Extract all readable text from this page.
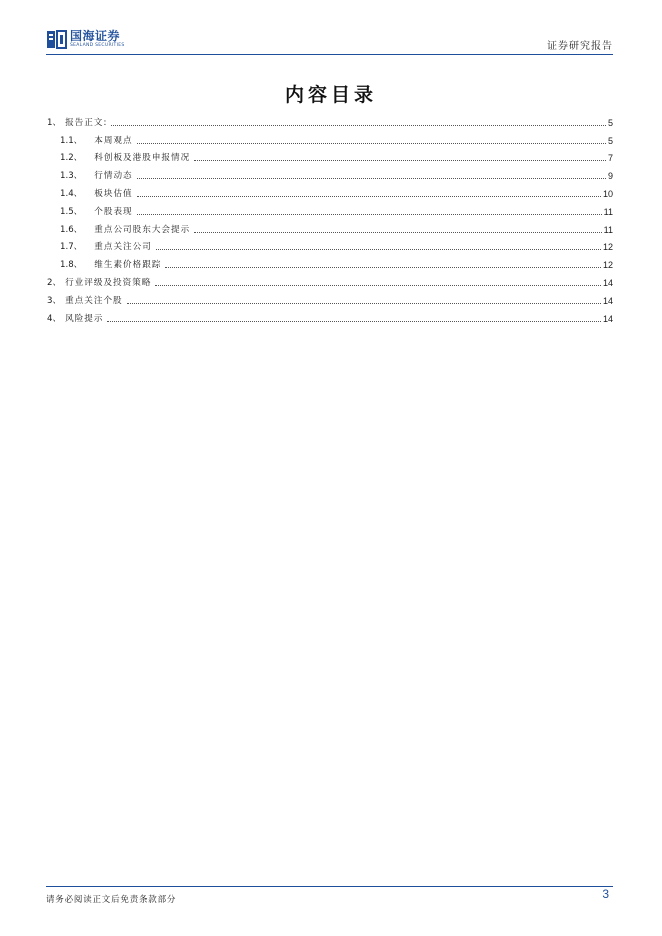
国海证券
SEALAND SECURITIES	证券研究报告
内容目录
1、 报告正文:	5
1.1、 本周观点	5
1.2、 科创板及港股申报情况	7
1.3、 行情动态	9
1.4、 板块估值	10
1.5、 个股表现	11
1.6、 重点公司股东大会提示	11
1.7、 重点关注公司	12
1.8、 维生素价格跟踪	12
2、 行业评级及投资策略	14
3、 重点关注个股	14
4、 风险提示	14
请务必阅读正文后免责条款部分	3
